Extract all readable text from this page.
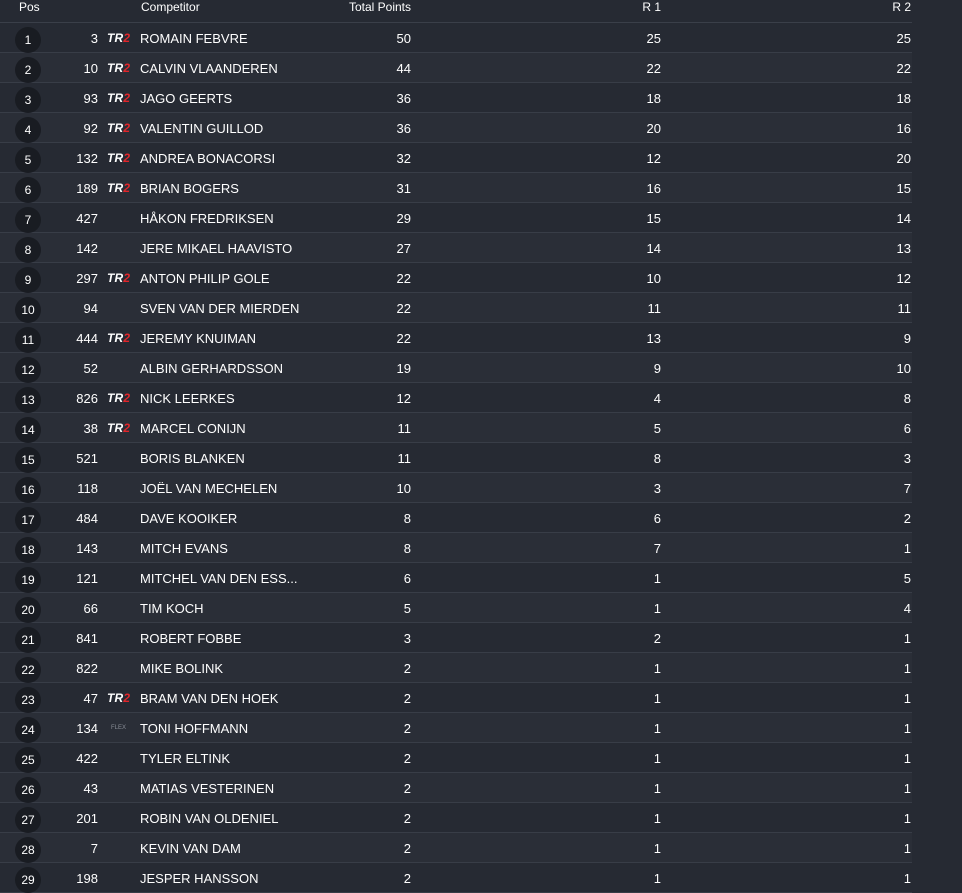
Pos	Competitor	Total Points	R 1	R 2
1	3 TR2 ROMAIN FEBVRE	50	25	25
2	10 TR2 CALVIN VLAANDEREN	44	22	22
3	93 TR2 JAGO GEERTS	36	18	18
4	92 TR2 VALENTIN GUILLOD	36	20	16
5	132 TR2 ANDREA BONACORSI	32	12	20
6	189 TR2 BRIAN BOGERS	31	16	15
7	427	HÅKON FREDRIKSEN	29	15	14
8	142	JERE MIKAEL HAAVISTO	27	14	13
9	297 TR2 ANTON PHILIP GOLE	22	10	12
10	94	SVEN VAN DER MIERDEN	22	11	11
11	444 TR2 JEREMY KNUIMAN	22	13	9
12	52	ALBIN GERHARDSSON	19	9	10
13	826 TR2 NICK LEERKES	12	4	8
14	38 TR2 MARCEL CONIJN	11	5	6
15	521	BORIS BLANKEN	11	8	3
16	118	JOËL VAN MECHELEN	10	3	7
17	484	DAVE KOOIKER	8	6	2
18	143	MITCH EVANS	8	7	1
19	121	MITCHEL VAN DEN ESS...	6	1	5
20	66	TIM KOCH	5	1	4
21	841	ROBERT FOBBE	3	2	1
22	822	MIKE BOLINK	2	1	1
23	47 TR2 BRAM VAN DEN HOEK	2	1	1
24	134 FLEX	TONI HOFFMANN	2	1	1
25	422	TYLER ELTINK	2	1	1
26	43	MATIAS VESTERINEN	2	1	1
27	201	ROBIN VAN OLDENIEL	2	1	1
28	7	KEVIN VAN DAM	2	1	1
29	198	JESPER HANSSON	2	1	1
